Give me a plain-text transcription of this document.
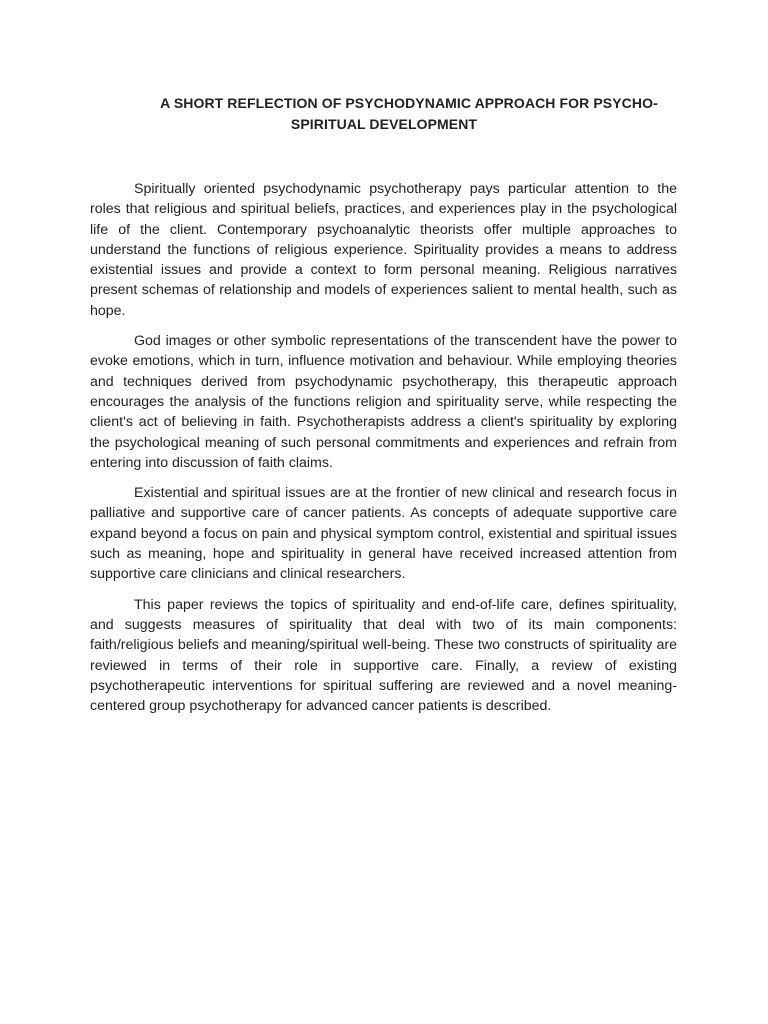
A SHORT REFLECTION OF PSYCHODYNAMIC APPROACH FOR PSYCHO-
SPIRITUAL DEVELOPMENT

Spiritually oriented psychodynamic psychotherapy pays particular attention to the roles that religious and spiritual beliefs, practices, and experiences play in the psychological life of the client. Contemporary psychoanalytic theorists offer multiple approaches to understand the functions of religious experience. Spirituality provides a means to address existential issues and provide a context to form personal meaning. Religious narratives present schemas of relationship and models of experiences salient to mental health, such as hope.

God images or other symbolic representations of the transcendent have the power to evoke emotions, which in turn, influence motivation and behaviour. While employing theories and techniques derived from psychodynamic psychotherapy, this therapeutic approach encourages the analysis of the functions religion and spirituality serve, while respecting the client's act of believing in faith. Psychotherapists address a client's spirituality by exploring the psychological meaning of such personal commitments and experiences and refrain from entering into discussion of faith claims.

Existential and spiritual issues are at the frontier of new clinical and research focus in palliative and supportive care of cancer patients. As concepts of adequate supportive care expand beyond a focus on pain and physical symptom control, existential and spiritual issues such as meaning, hope and spirituality in general have received increased attention from supportive care clinicians and clinical researchers.

This paper reviews the topics of spirituality and end-of-life care, defines spirituality, and suggests measures of spirituality that deal with two of its main components: faith/religious beliefs and meaning/spiritual well-being. These two constructs of spirituality are reviewed in terms of their role in supportive care. Finally, a review of existing psychotherapeutic interventions for spiritual suffering are reviewed and a novel meaning-centered group psychotherapy for advanced cancer patients is described.
